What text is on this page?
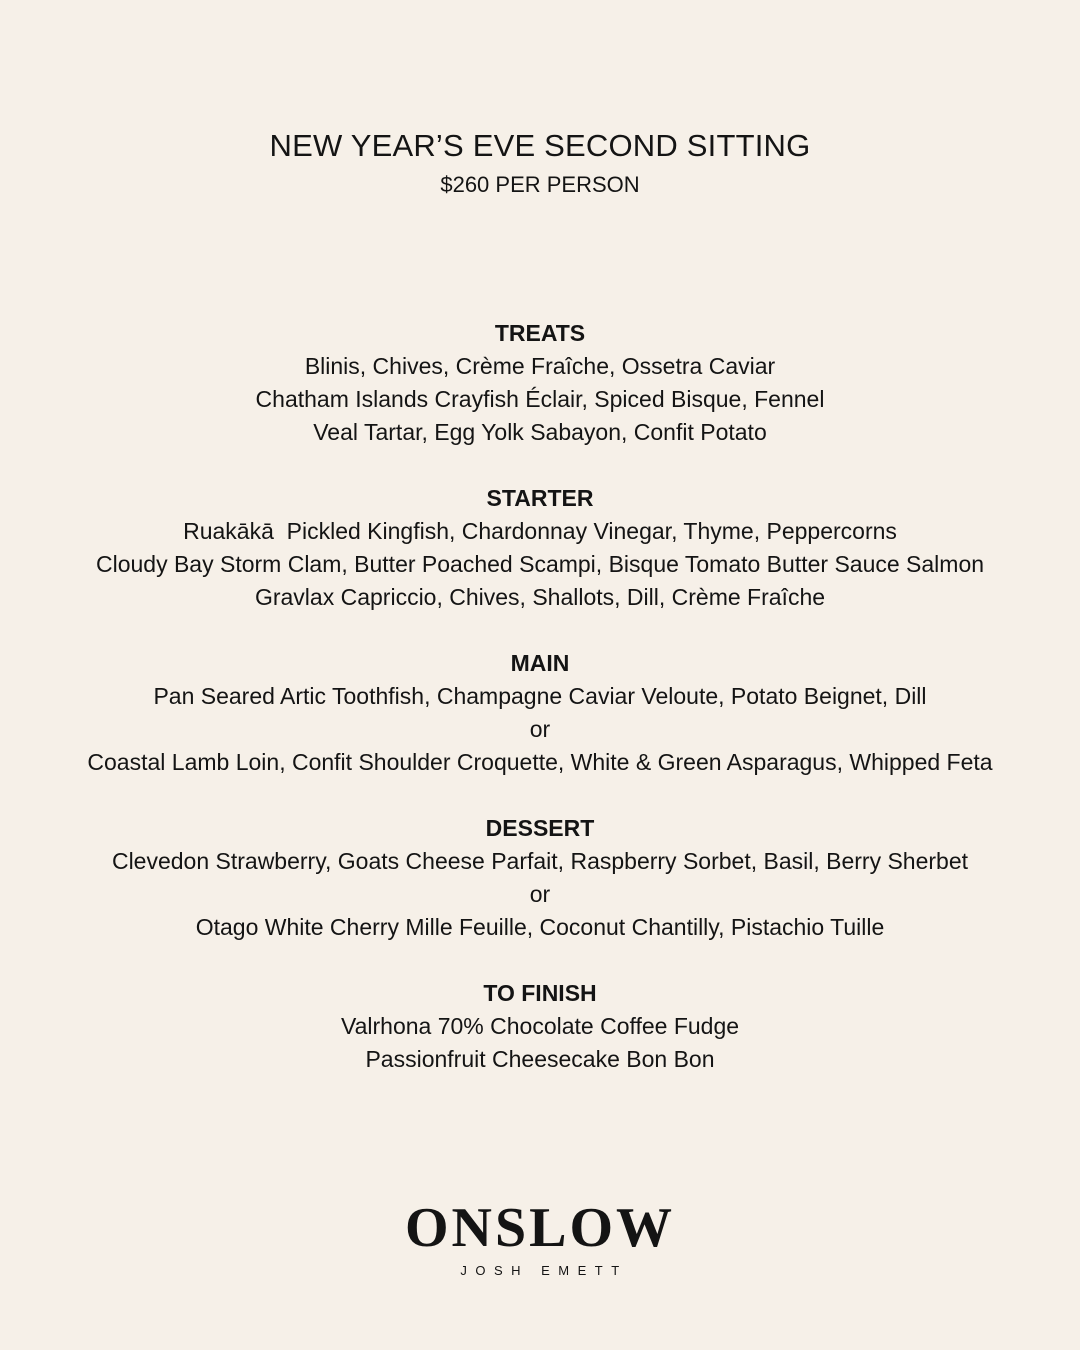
NEW YEAR’S EVE SECOND SITTING
$260 PER PERSON
TREATS
Blinis, Chives, Crème Fraîche, Ossetra Caviar
Chatham Islands Crayfish Éclair, Spiced Bisque, Fennel
Veal Tartar, Egg Yolk Sabayon, Confit Potato
STARTER
Ruakākā  Pickled Kingfish, Chardonnay Vinegar, Thyme, Peppercorns
Cloudy Bay Storm Clam, Butter Poached Scampi, Bisque Tomato Butter Sauce Salmon
Gravlax Capriccio, Chives, Shallots, Dill, Crème Fraîche
MAIN
Pan Seared Artic Toothfish, Champagne Caviar Veloute, Potato Beignet, Dill
or
Coastal Lamb Loin, Confit Shoulder Croquette, White & Green Asparagus, Whipped Feta
DESSERT
Clevedon Strawberry, Goats Cheese Parfait, Raspberry Sorbet, Basil, Berry Sherbet
or
Otago White Cherry Mille Feuille, Coconut Chantilly, Pistachio Tuille
TO FINISH
Valrhona 70% Chocolate Coffee Fudge
Passionfruit Cheesecake Bon Bon
ONSLOW
JOSH EMETT
